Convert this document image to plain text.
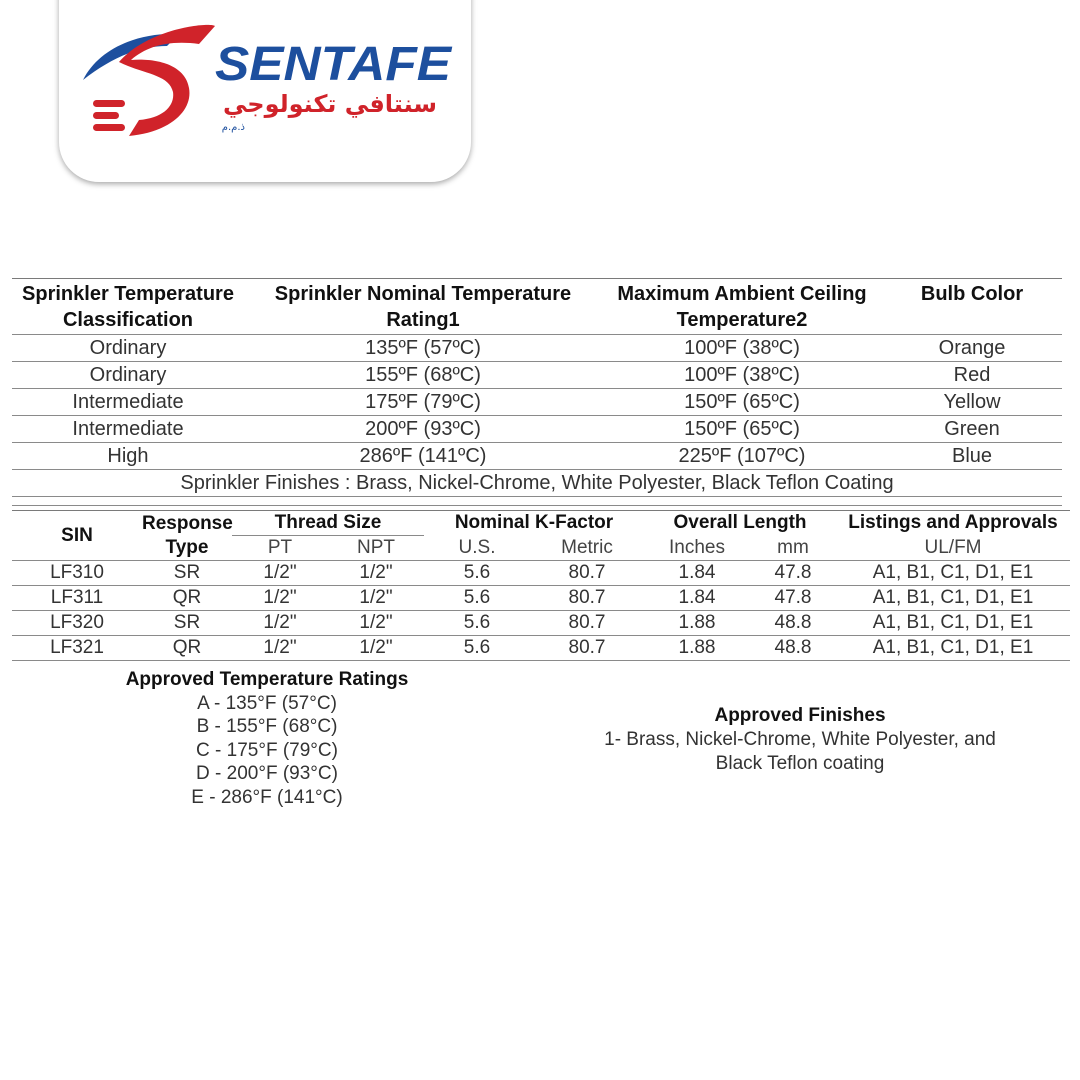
SENTAFE
سنتافي تكنولوجي
ذ.م.م

Sprinkler Temperature Classification	Sprinkler Nominal Temperature Rating1	Maximum Ambient Ceiling Temperature2	Bulb Color
Ordinary	135ºF (57ºC)	100ºF (38ºC)	Orange
Ordinary	155ºF (68ºC)	100ºF (38ºC)	Red
Intermediate	175ºF (79ºC)	150ºF (65ºC)	Yellow
Intermediate	200ºF (93ºC)	150ºF (65ºC)	Green
High	286ºF (141ºC)	225ºF (107ºC)	Blue
Sprinkler Finishes : Brass, Nickel-Chrome, White Polyester, Black Teflon Coating			

SIN	Response Type	Thread Size		Nominal K-Factor		Overall Length		Listings and Approvals
		PT	NPT	U.S.	Metric	Inches	mm	UL/FM
LF310	SR	1/2"	1/2"	5.6	80.7	1.84	47.8	A1, B1, C1, D1, E1
LF311	QR	1/2"	1/2"	5.6	80.7	1.84	47.8	A1, B1, C1, D1, E1
LF320	SR	1/2"	1/2"	5.6	80.7	1.88	48.8	A1, B1, C1, D1, E1
LF321	QR	1/2"	1/2"	5.6	80.7	1.88	48.8	A1, B1, C1, D1, E1
Approved Temperature Ratings
A - 135°F (57°C)
B - 155°F (68°C)
C - 175°F (79°C)
D - 200°F (93°C)
E - 286°F (141°C)
Approved Finishes
1- Brass, Nickel-Chrome, White Polyester, and
Black Teflon coating
